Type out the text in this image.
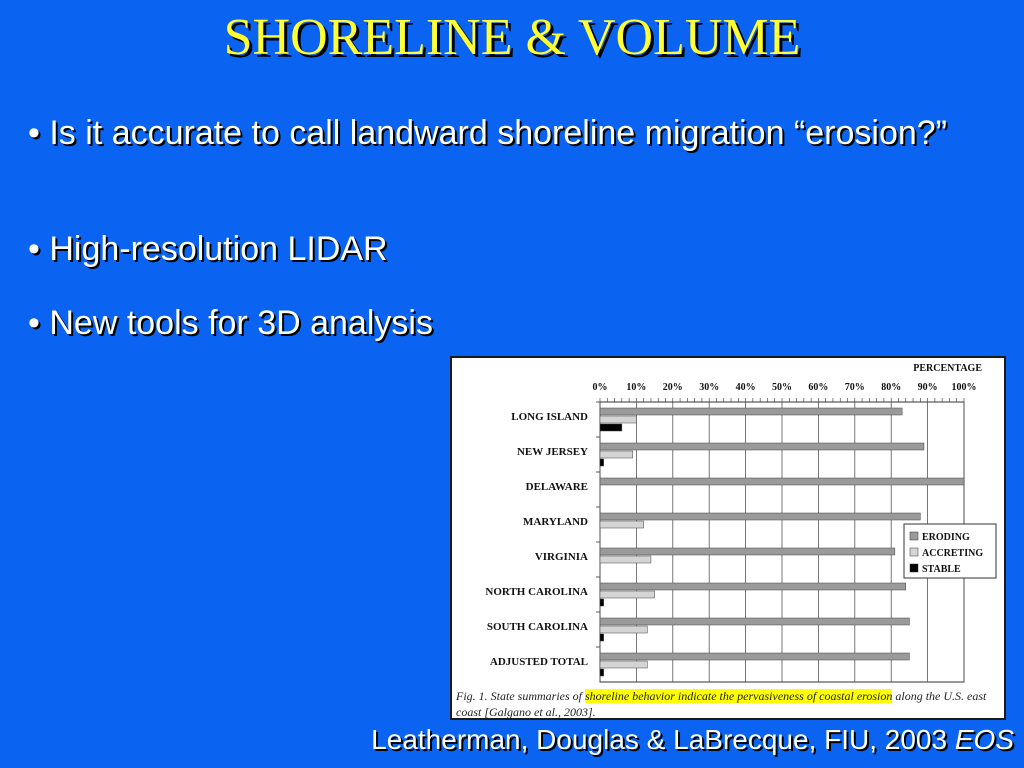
SHORELINE & VOLUME
• Is it accurate to call landward shoreline migration “erosion?”
• High-resolution LIDAR
• New tools for 3D analysis
PERCENTAGE
0% 10% 20% 30% 40% 50% 60% 70% 80% 90% 100%
LONG ISLAND
NEW JERSEY
DELAWARE
MARYLAND
VIRGINIA
NORTH CAROLINA
SOUTH CAROLINA
ADJUSTED TOTAL
ERODING
ACCRETING
STABLE
Fig. 1. State summaries of shoreline behavior indicate the pervasiveness of coastal erosion along the U.S. east coast [Galgano et al., 2003].
Leatherman, Douglas & LaBrecque, FIU, 2003 EOS
